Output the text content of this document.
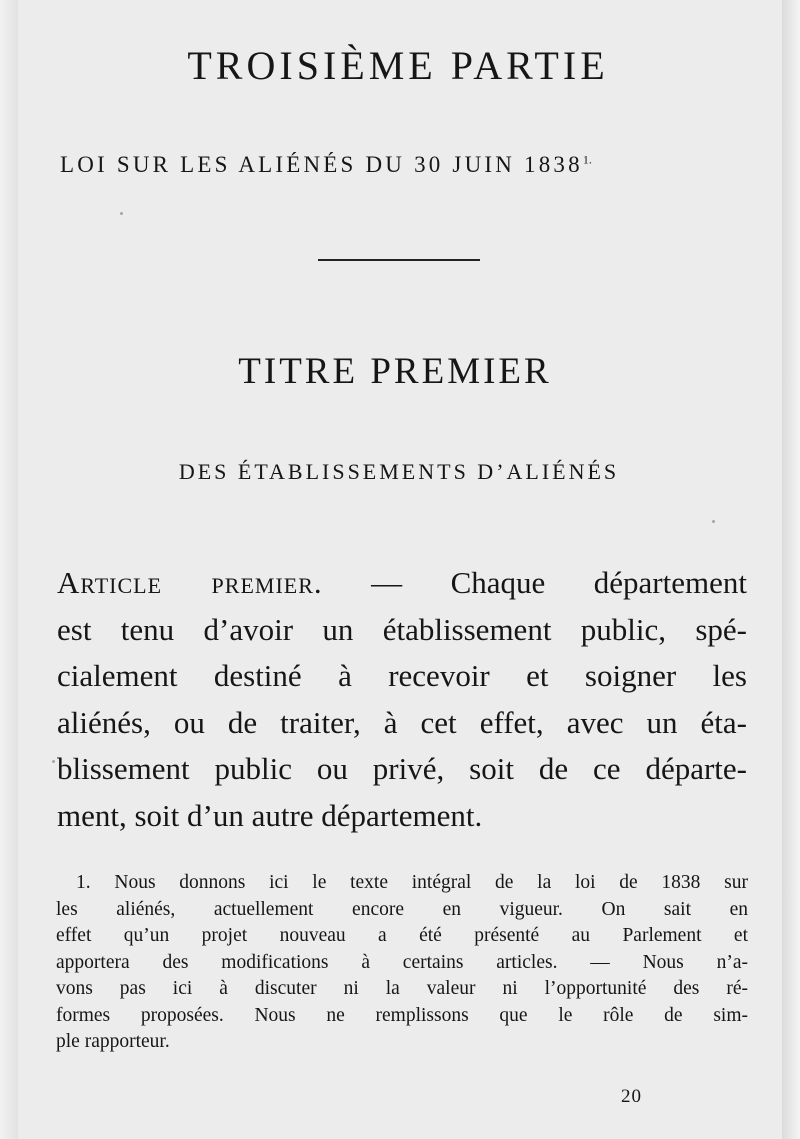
TROISIÈME PARTIE
LOI SUR LES ALIÉNÉS DU 30 JUIN $1838^{1.}$
TITRE PREMIER
DES ÉTABLISSEMENTS D’ALIÉNÉS
Article premier. — Chaque département
est tenu d’avoir un établissement public, spé-
cialement destiné à recevoir et soigner les
aliénés, ou de traiter, à cet effet, avec un éta-
blissement public ou privé, soit de ce départe-
ment, soit d’un autre département.
1. Nous donnons ici le texte intégral de la loi de 1838 sur
les aliénés, actuellement encore en vigueur. On sait en
effet qu’un projet nouveau a été présenté au Parlement et
apportera des modifications à certains articles. — Nous n’a-
vons pas ici à discuter ni la valeur ni l’opportunité des ré-
formes proposées. Nous ne remplissons que le rôle de sim-
ple rapporteur.
20
